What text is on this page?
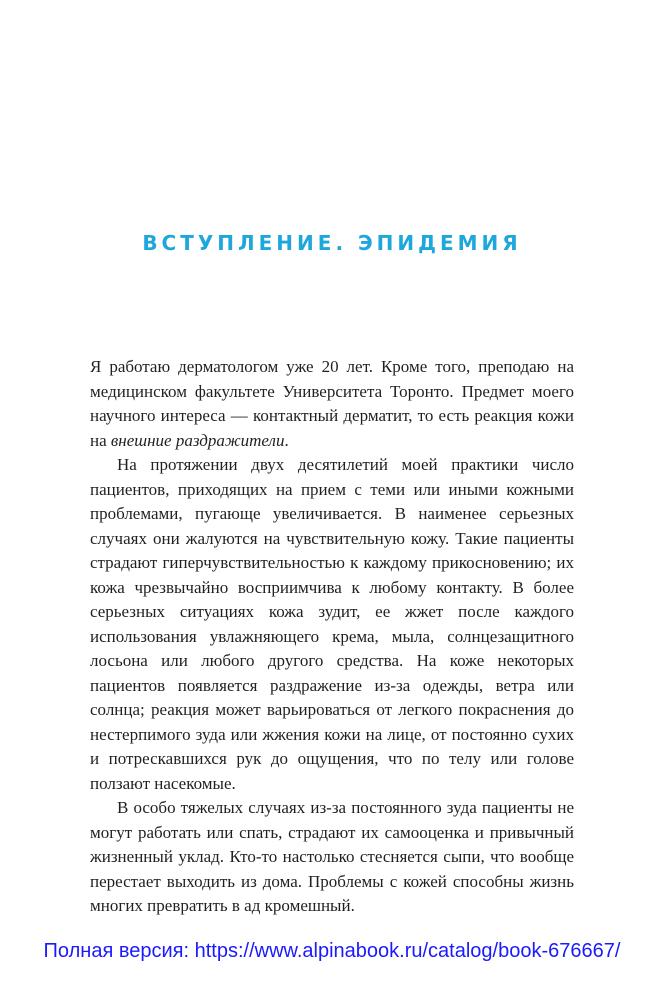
ВСТУПЛЕНИЕ. ЭПИДЕМИЯ

Я работаю дерматологом уже 20 лет. Кроме того, преподаю на медицинском факультете Университета Торонто. Предмет моего научного интереса — контактный дерматит, то есть реакция кожи на внешние раздражители.

На протяжении двух десятилетий моей практики число пациентов, приходящих на прием с теми или иными кожными проблемами, пугающе увеличивается. В наименее серьезных случаях они жалуются на чувствительную кожу. Такие пациенты страдают гиперчувствительностью к каждому прикосновению; их кожа чрезвычайно восприимчива к любому контакту. В более серьезных ситуациях кожа зудит, ее жжет после каждого использования увлажняющего крема, мыла, солнцезащитного лосьона или любого другого средства. На коже некоторых пациентов появляется раздражение из-за одежды, ветра или солнца; реакция может варьироваться от легкого покраснения до нестерпимого зуда или жжения кожи на лице, от постоянно сухих и потрескавшихся рук до ощущения, что по телу или голове ползают насекомые.

В особо тяжелых случаях из-за постоянного зуда пациенты не могут работать или спать, страдают их самооценка и привычный жизненный уклад. Кто-то настолько стесняется сыпи, что вообще перестает выходить из дома. Проблемы с кожей способны жизнь многих превратить в ад кромешный.

Полная версия: https://www.alpinabook.ru/catalog/book-676667/
